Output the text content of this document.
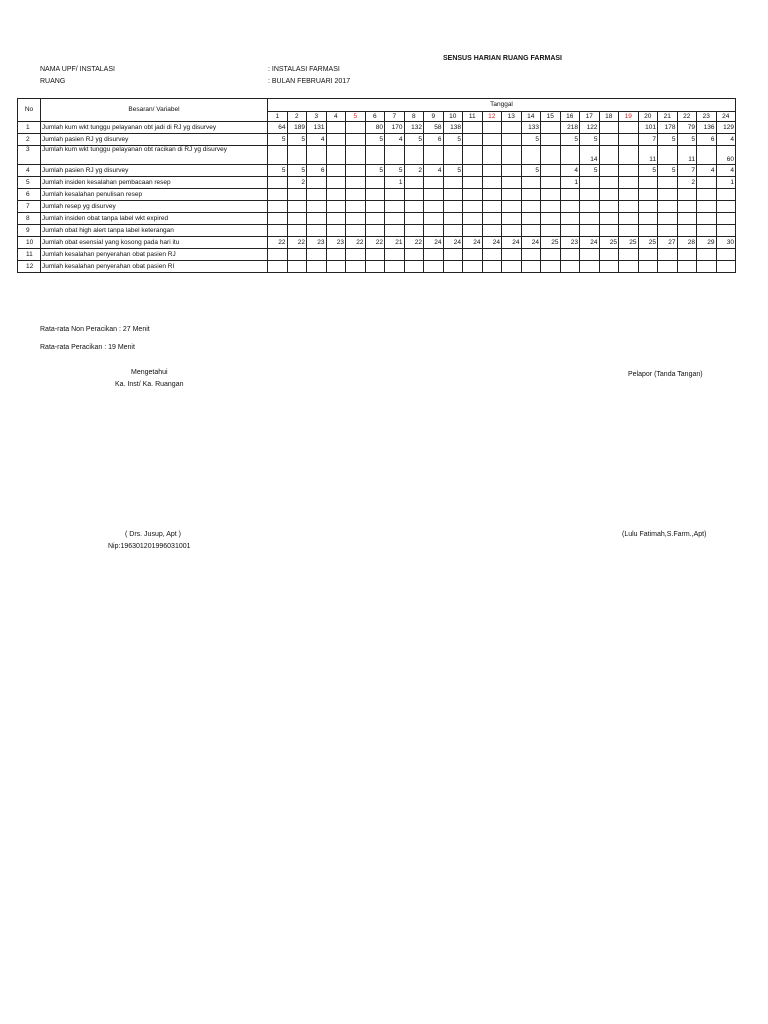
SENSUS HARIAN RUANG FARMASI
NAMA UPF/ INSTALASI	: INSTALASI FARMASI
RUANG	: BULAN FEBRUARI 2017
No	Besaran/ Variabel	Tanggal																							
		1	2	3	4	5	6	7	8	9	10	11	12	13	14	15	16	17	18	19	20	21	22	23	24
1	Jumlah kum wkt tunggu pelayanan obt jadi di RJ yg disurvey	64	189	131			80	170	132	58	138				133		218	122			101	178	79	136	129
2	Jumlah pasien RJ yg disurvey	5	5	4			5	4	5	6	5				5		5	5			7	5	5	6	4
3	Jumlah kum wkt tunggu pelayanan obt racikan di RJ yg disurvey																	14			11		11		60
4	Jumlah pasien RJ yg disurvey	5	5	6			5	5	2	4	5				5		4	5			5	5	7	4	4
5	Jumlah insiden kesalahan pembacaan resep		2					1									1						2		1
6	Jumlah kesalahan penulisan resep																								
7	Jumlah resep yg disurvey																								
8	Jumlah insiden obat tanpa label wkt expired																								
9	Jumlah obat high alert tanpa label keterangan																								
10	Jumlah obat esensial yang kosong pada hari itu	22	22	23	23	22	22	21	22	24	24	24	24	24	24	25	23	24	25	25	25	27	28	29	30
11	Jumlah kesalahan penyerahan obat pasien RJ																								
12	Jumlah kesalahan penyerahan obat pasien RI																								
Rata-rata Non Peracikan : 27 Menit
Rata-rata Peracikan : 19 Menit
Mengetahui
Ka. Inst/ Ka. Ruangan
( Drs. Jusup, Apt )
Nip:196301201996031001
Pelapor (Tanda Tangan)
(Lulu Fatimah,S.Farm.,Apt)
